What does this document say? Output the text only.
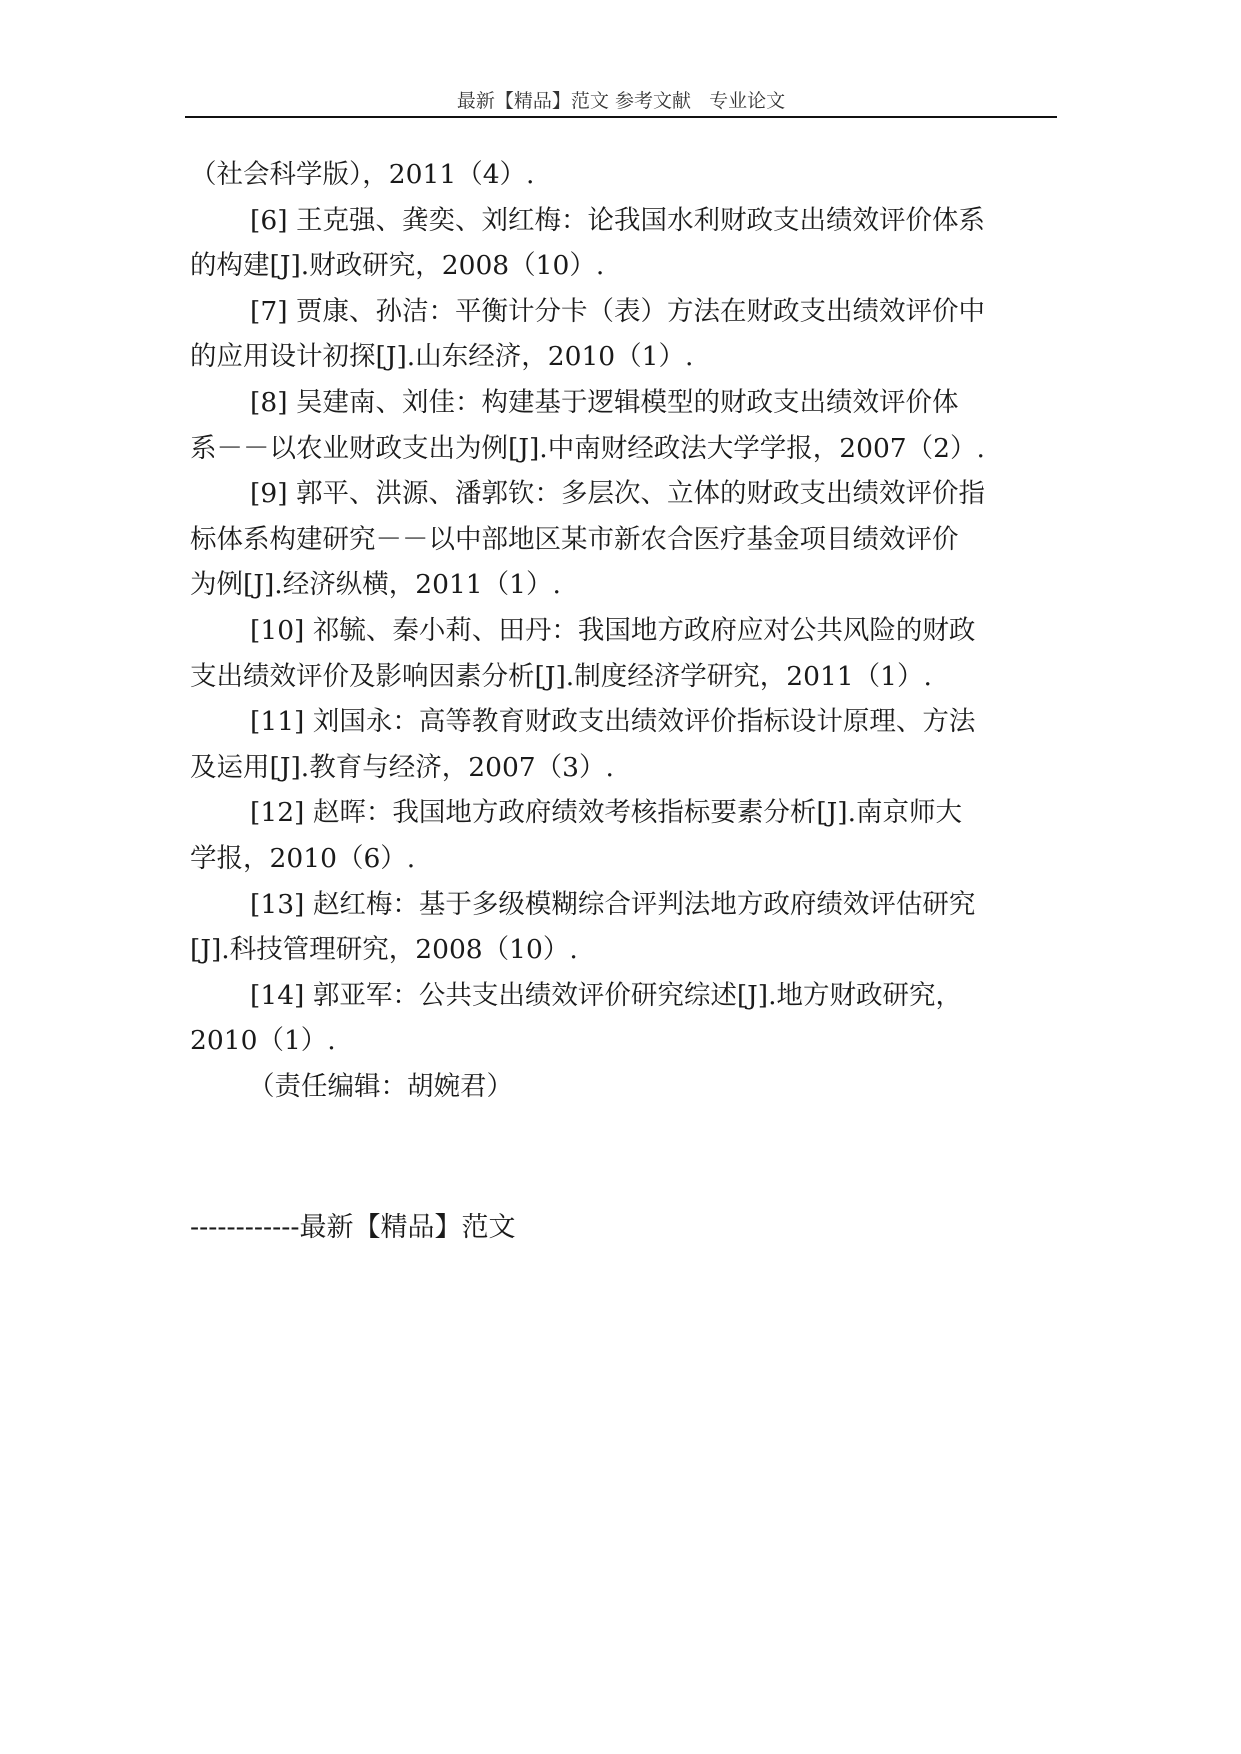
最新【精品】范文 参考文献   专业论文
（社会科学版），2011（4）.
[6] 王克强、龚奕、刘红梅：论我国水利财政支出绩效评价体系
的构建[J].财政研究，2008（10）.
[7] 贾康、孙洁：平衡计分卡（表）方法在财政支出绩效评价中
的应用设计初探[J].山东经济，2010（1）.
[8] 吴建南、刘佳：构建基于逻辑模型的财政支出绩效评价体
系－－以农业财政支出为例[J].中南财经政法大学学报，2007（2）.
[9] 郭平、洪源、潘郭钦：多层次、立体的财政支出绩效评价指
标体系构建研究－－以中部地区某市新农合医疗基金项目绩效评价
为例[J].经济纵横，2011（1）.
[10] 祁毓、秦小莉、田丹：我国地方政府应对公共风险的财政
支出绩效评价及影响因素分析[J].制度经济学研究，2011（1）.
[11] 刘国永：高等教育财政支出绩效评价指标设计原理、方法
及运用[J].教育与经济，2007（3）.
[12] 赵晖：我国地方政府绩效考核指标要素分析[J].南京师大
学报，2010（6）.
[13] 赵红梅：基于多级模糊综合评判法地方政府绩效评估研究
[J].科技管理研究，2008（10）.
[14] 郭亚军：公共支出绩效评价研究综述[J].地方财政研究，
2010（1）.
（责任编辑：胡婉君）
------------最新【精品】范文
